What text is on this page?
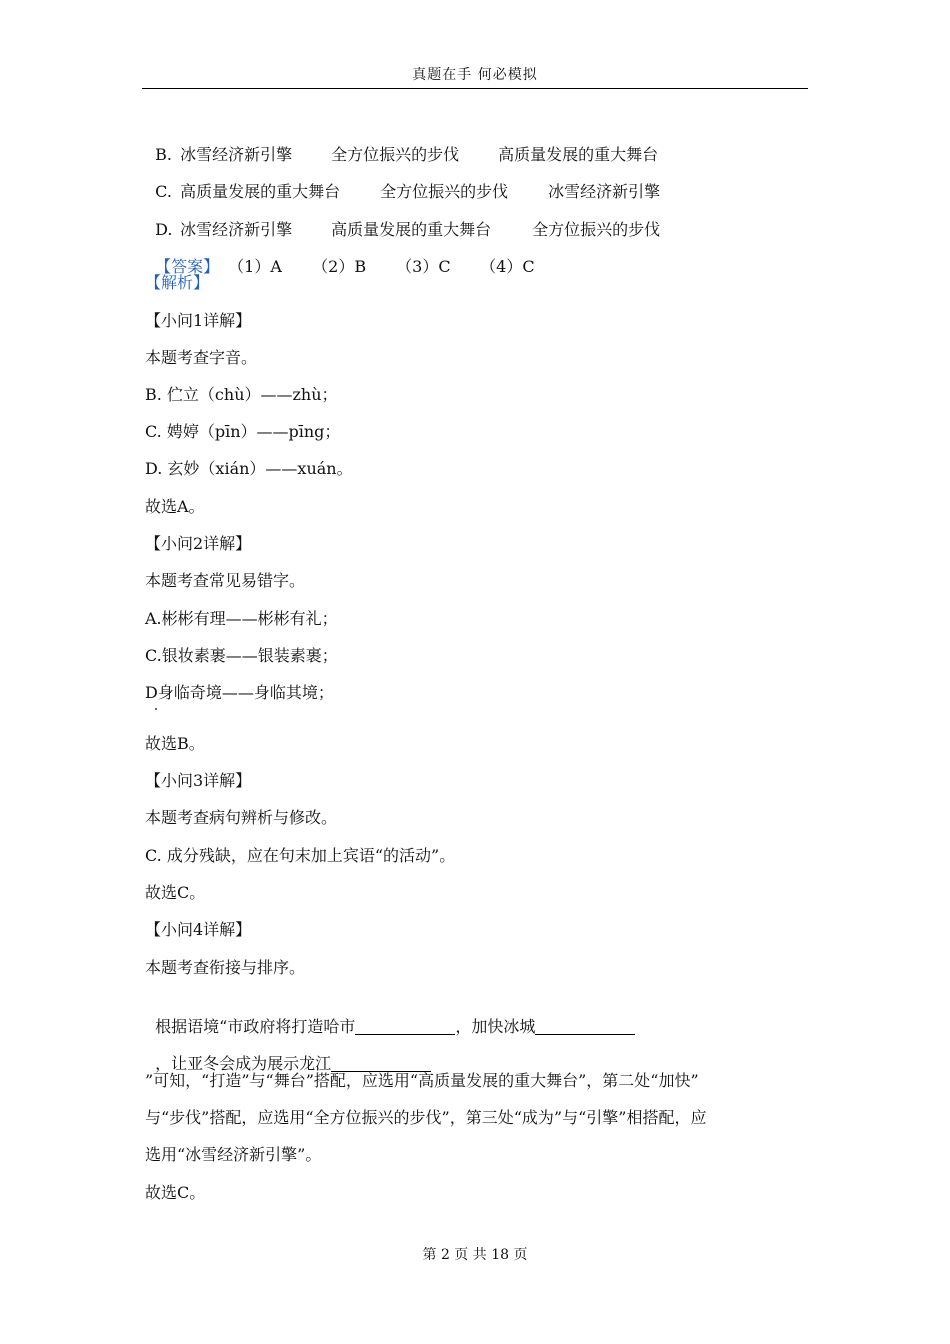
真题在手 何必模拟

B. 冰雪经济新引擎 全方位振兴的步伐 高质量发展的重大舞台

C. 高质量发展的重大舞台 全方位振兴的步伐 冰雪经济新引擎

D. 冰雪经济新引擎 高质量发展的重大舞台	全方位振兴的步伐

【答案】 （1）A （2）B （3）C （4）C

【解析】
【小问1详解】
本题考查字音。
B. 伫立（chù）——zhù；
C. 娉婷（pīn）——pīng；
D. 玄妙（xián）——xuán。
故选A。
【小问2详解】
本题考查常见易错字。
A.彬彬有理——彬彬有礼；
C.银妆素裹——银装素裹；
D身临奇境——身临其境；
故选B。
【小问3详解】
本题考查病句辨析与修改。
C. 成分残缺，应在句末加上宾语“的活动”。
故选C。
【小问4详解】
本题考查衔接与排序。

根据语境“市政府将打造哈市	，加快冰城

，让亚冬会成为展示龙江

”可知，“打造”与“舞台”搭配，应选用“高质量发展的重大舞台”，第二处“加快”
与“步伐”搭配，应选用“全方位振兴的步伐”，第三处“成为”与“引擎”相搭配，应
选用“冰雪经济新引擎”。
故选C。
第 2 页 共 18 页
